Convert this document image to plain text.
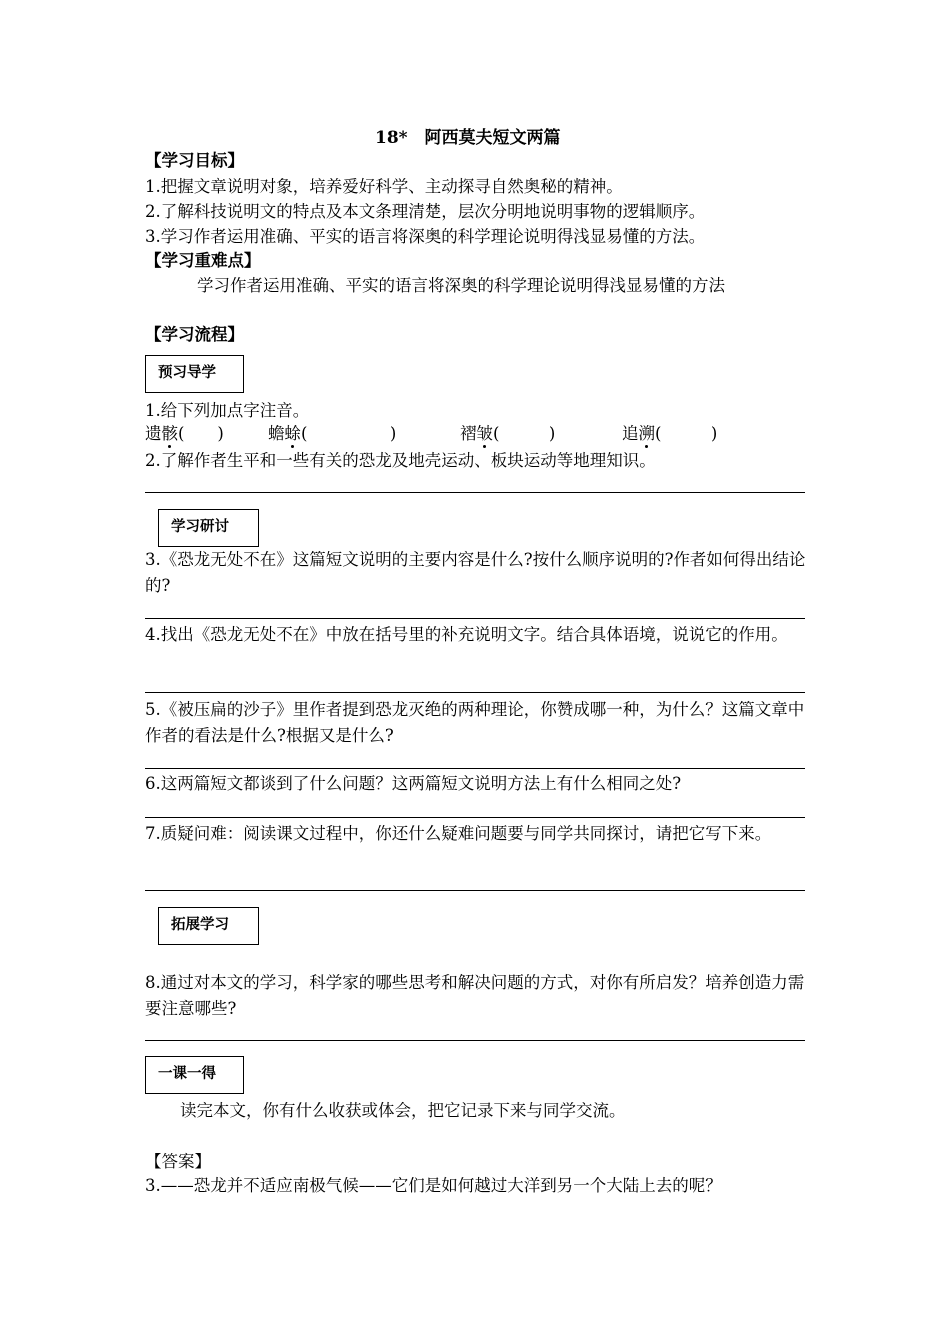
18*　阿西莫夫短文两篇
【学习目标】
1.把握文章说明对象，培养爱好科学、主动探寻自然奥秘的精神。
2.了解科技说明文的特点及本文条理清楚，层次分明地说明事物的逻辑顺序。
3.学习作者运用准确、平实的语言将深奥的科学理论说明得浅显易懂的方法。
【学习重难点】
学习作者运用准确、平实的语言将深奥的科学理论说明得浅显易懂的方法
【学习流程】
预习导学
1.给下列加点字注音。
遗骸(　　)	蟾蜍(　　　　　)	褶皱(　　　)	追溯(　　　)
2.了解作者生平和一些有关的恐龙及地壳运动、板块运动等地理知识。
学习研讨
3.《恐龙无处不在》这篇短文说明的主要内容是什么?按什么顺序说明的?作者如何得出结论的?
4.找出《恐龙无处不在》中放在括号里的补充说明文字。结合具体语境，说说它的作用。
5.《被压扁的沙子》里作者提到恐龙灭绝的两种理论，你赞成哪一种，为什么？这篇文章中作者的看法是什么?根据又是什么?
6.这两篇短文都谈到了什么问题？这两篇短文说明方法上有什么相同之处?
7.质疑问难：阅读课文过程中，你还什么疑难问题要与同学共同探讨，请把它写下来。
拓展学习
8.通过对本文的学习，科学家的哪些思考和解决问题的方式，对你有所启发？培养创造力需要注意哪些?
一课一得
读完本文，你有什么收获或体会，把它记录下来与同学交流。
【答案】
3.——恐龙并不适应南极气候——它们是如何越过大洋到另一个大陆上去的呢？
